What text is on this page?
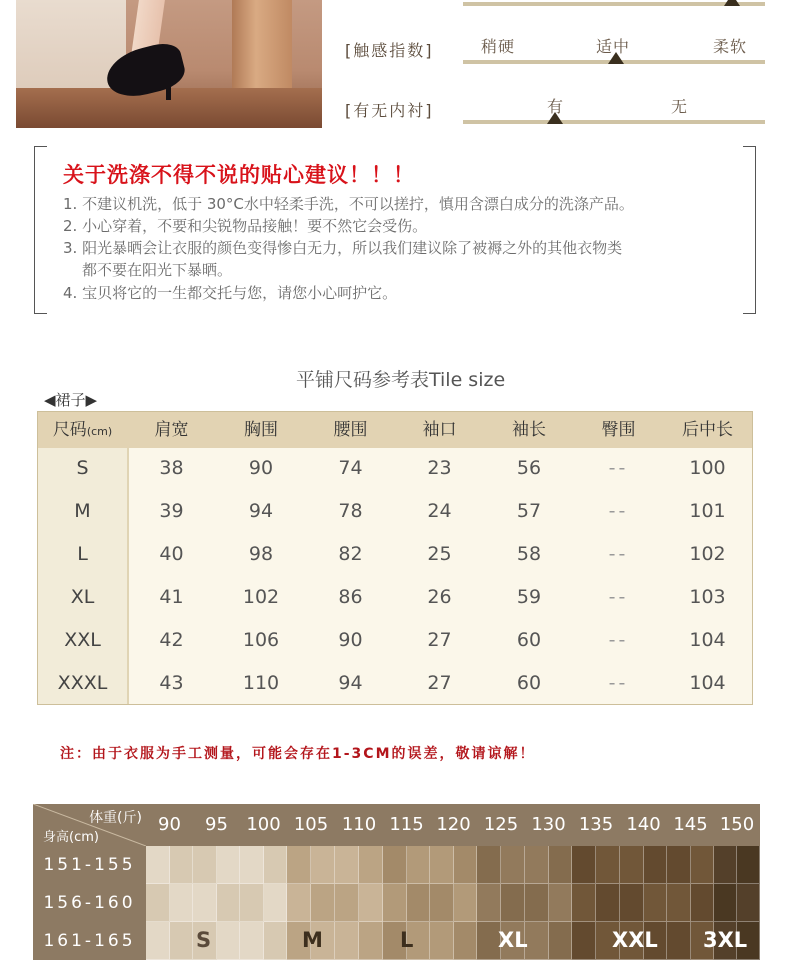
[触感指数]	稍硬	适中	柔软
[有无内衬]	有	无
关于洗涤不得不说的贴心建议！！！
1. 不建议机洗，低于 30°C水中轻柔手洗，不可以搓拧，慎用含漂白成分的洗涤产品。
2. 小心穿着，不要和尖锐物品接触！要不然它会受伤。
3. 阳光暴晒会让衣服的颜色变得惨白无力，所以我们建议除了被褥之外的其他衣物类
都不要在阳光下暴晒。
4. 宝贝将它的一生都交托与您，请您小心呵护它。
平铺尺码参考表Tile size
◀裙子▶
尺码(cm)	肩宽	胸围	腰围	袖口	袖长	臀围	后中长
S	38	90	74	23	56	--	100
M	39	94	78	24	57	--	101
L	40	98	82	25	58	--	102
XL	41	102	86	26	59	--	103
XXL	42	106	90	27	60	--	104
XXXL	43	110	94	27	60	--	104
注：由于衣服为手工测量，可能会存在1-3CM的误差，敬请谅解！
体重(斤)
身高(cm)
90	95	100 105 110 115 120 125 130 135 140 145 150
151-155
156-160
161-165	S	M	L	XL	XXL 3XL
